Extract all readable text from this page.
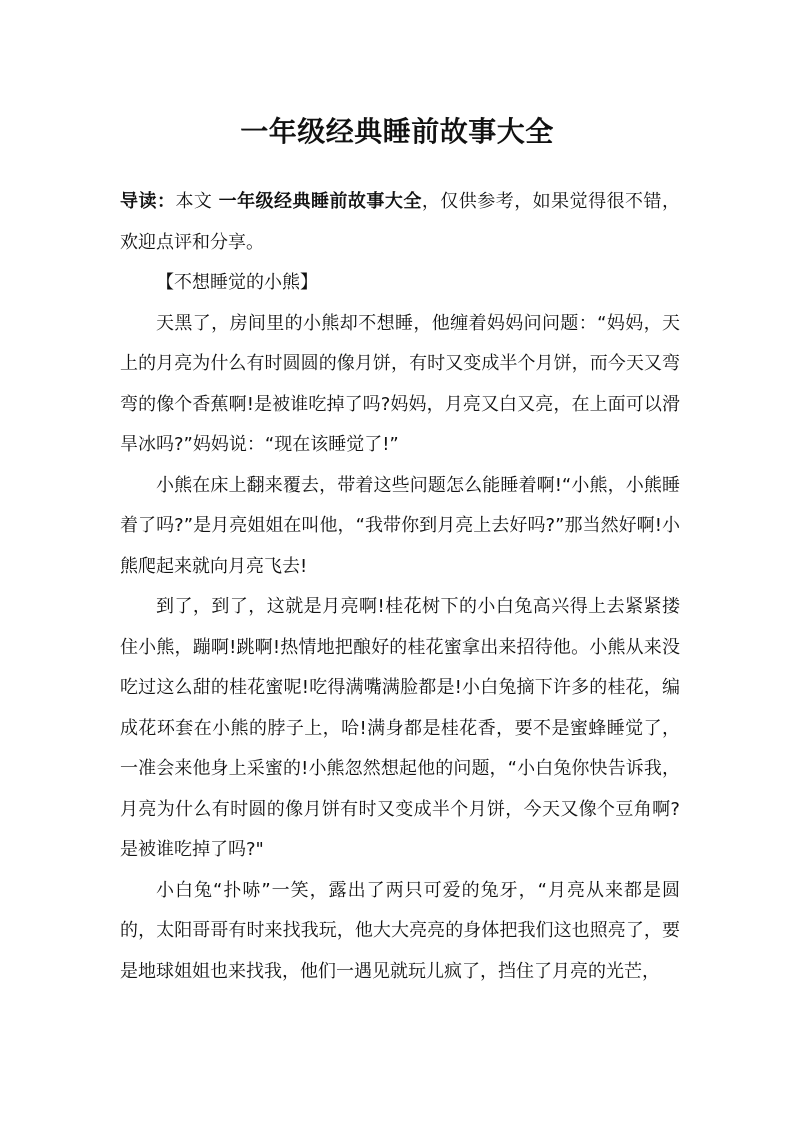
一年级经典睡前故事大全

导读：本文 一年级经典睡前故事大全，仅供参考，如果觉得很不错，欢迎点评和分享。

【不想睡觉的小熊】

天黑了，房间里的小熊却不想睡，他缠着妈妈问问题：“妈妈，天上的月亮为什么有时圆圆的像月饼，有时又变成半个月饼，而今天又弯弯的像个香蕉啊!是被谁吃掉了吗?妈妈，月亮又白又亮，在上面可以滑旱冰吗?”妈妈说：“现在该睡觉了!”

小熊在床上翻来覆去，带着这些问题怎么能睡着啊!“小熊，小熊睡着了吗?”是月亮姐姐在叫他，“我带你到月亮上去好吗?”那当然好啊!小熊爬起来就向月亮飞去!

到了，到了，这就是月亮啊!桂花树下的小白兔高兴得上去紧紧搂住小熊，蹦啊!跳啊!热情地把酿好的桂花蜜拿出来招待他。小熊从来没吃过这么甜的桂花蜜呢!吃得满嘴满脸都是!小白兔摘下许多的桂花，编成花环套在小熊的脖子上，哈!满身都是桂花香，要不是蜜蜂睡觉了，一准会来他身上采蜜的!小熊忽然想起他的问题，“小白兔你快告诉我，月亮为什么有时圆的像月饼有时又变成半个月饼，今天又像个豆角啊?是被谁吃掉了吗?"

小白兔“扑哧”一笑，露出了两只可爱的兔牙，“月亮从来都是圆的，太阳哥哥有时来找我玩，他大大亮亮的身体把我们这也照亮了，要是地球姐姐也来找我，他们一遇见就玩儿疯了，挡住了月亮的光芒，
